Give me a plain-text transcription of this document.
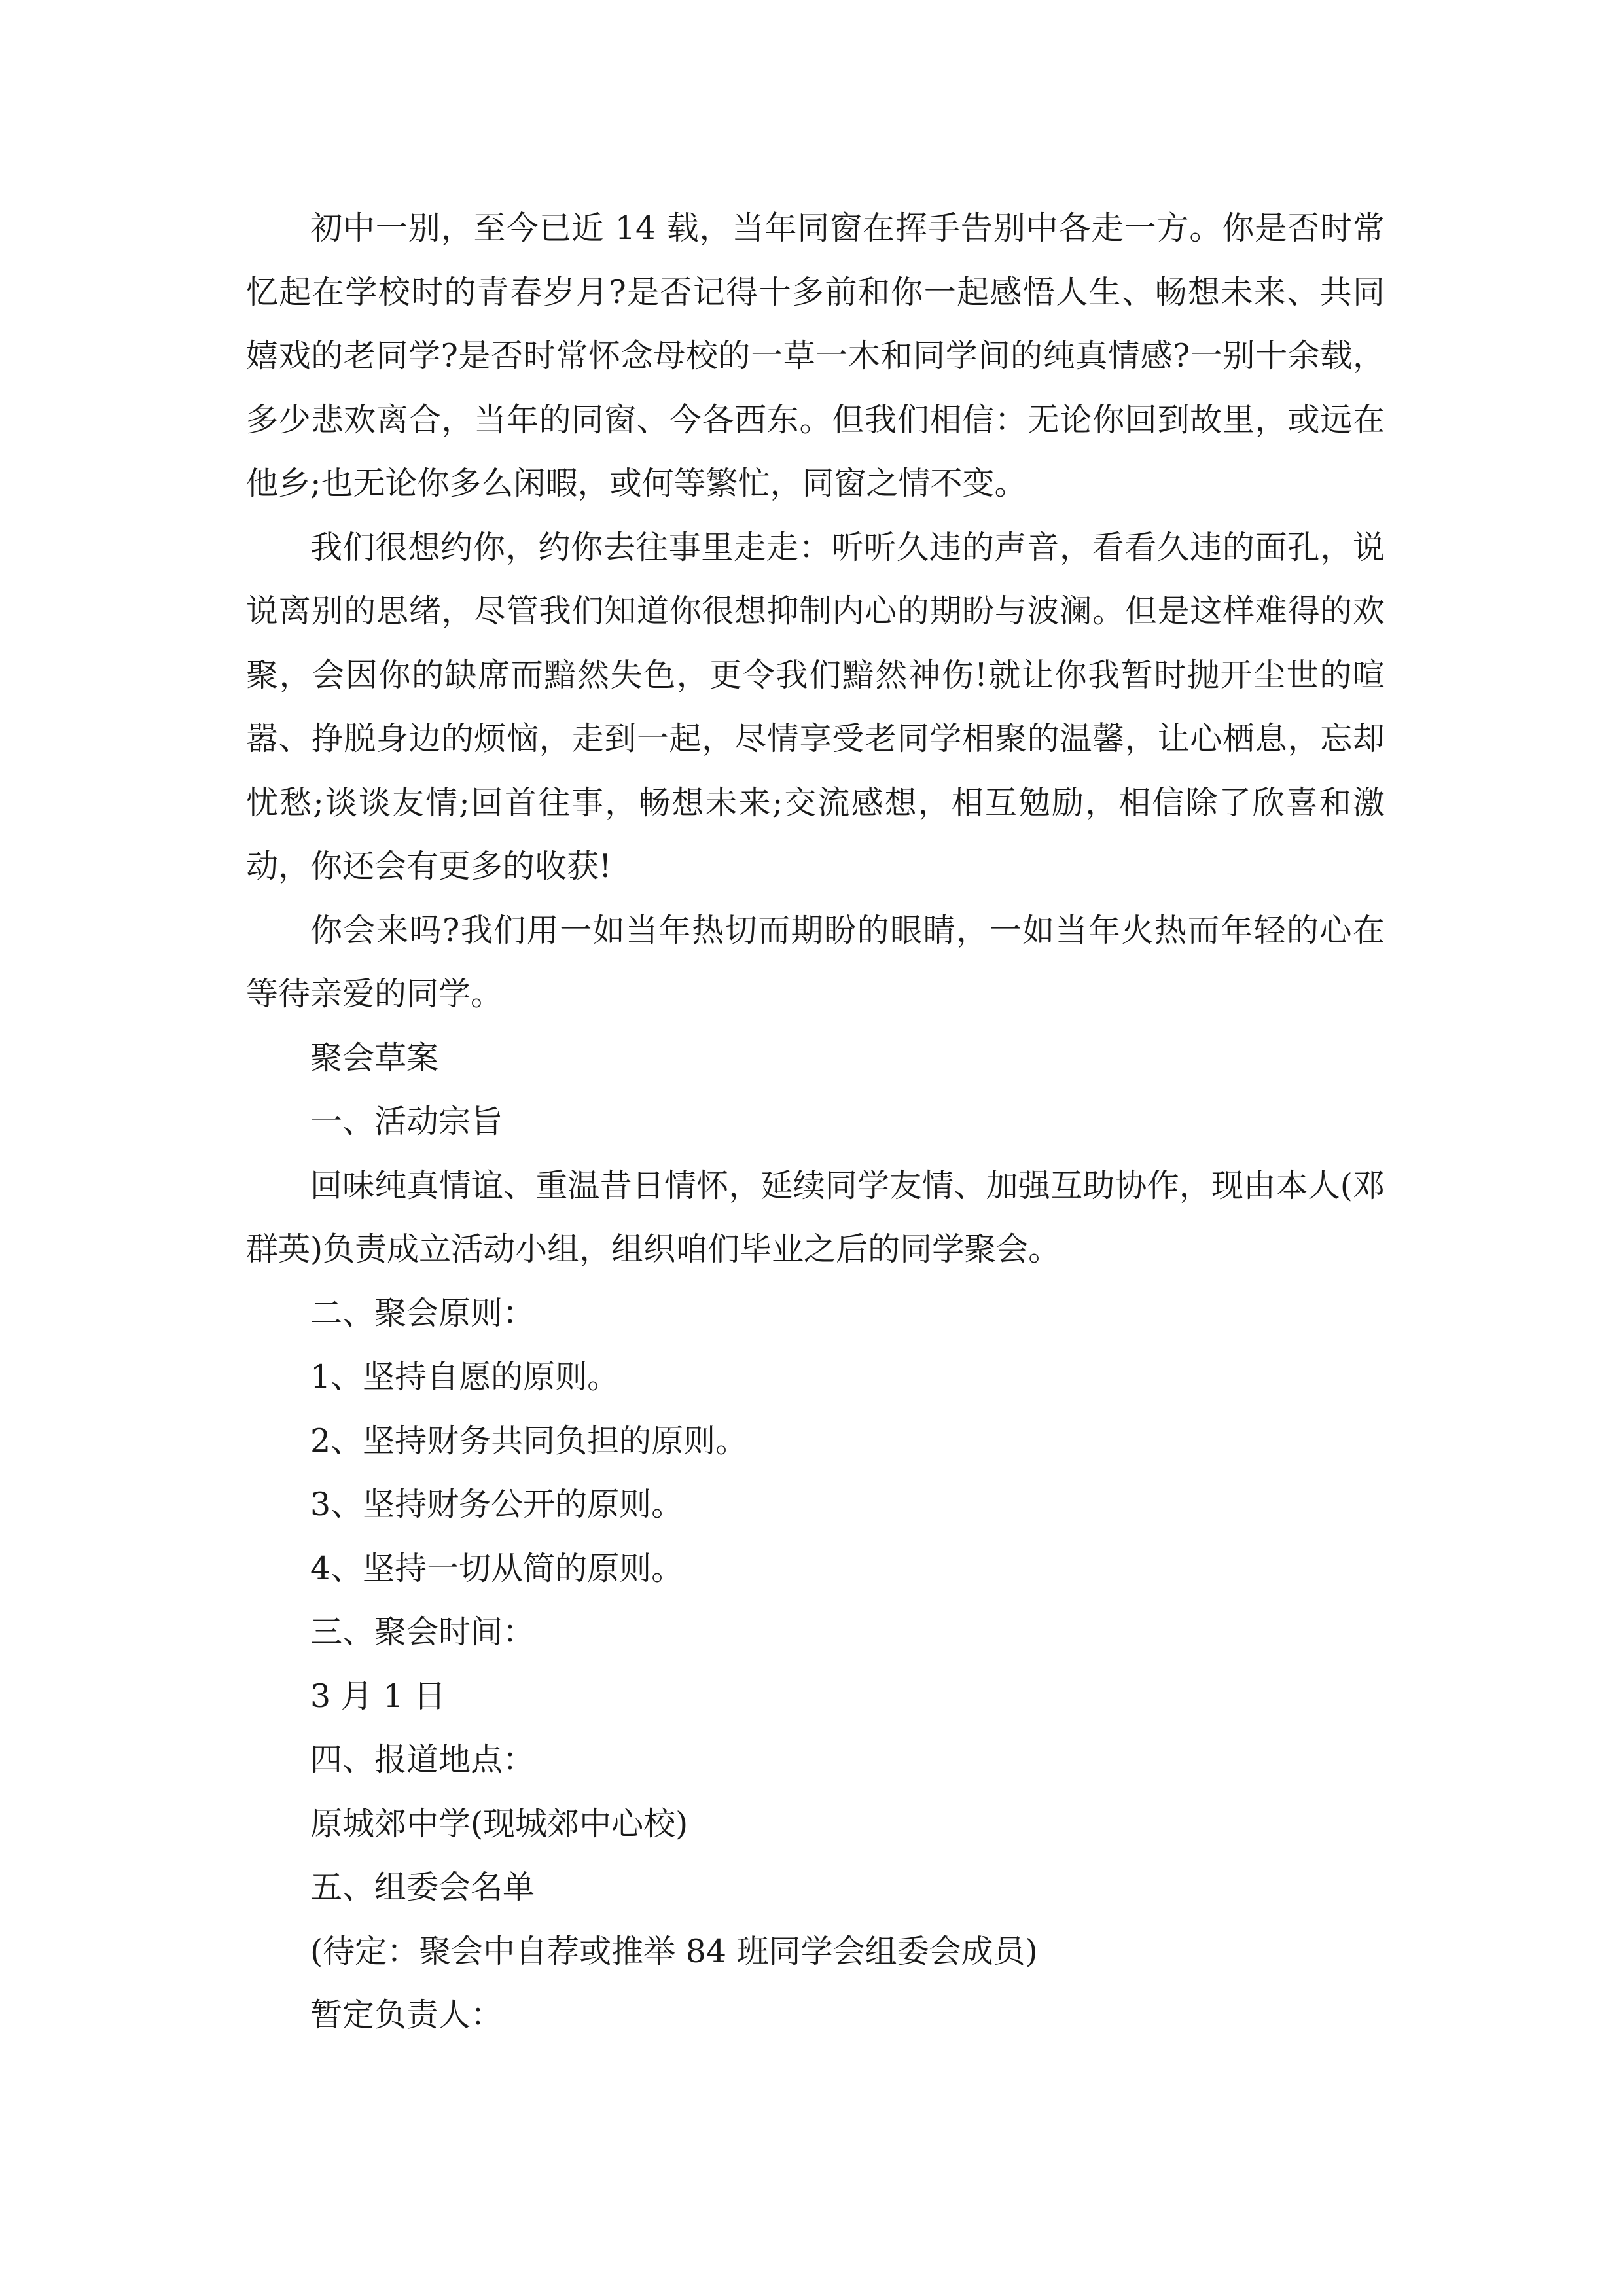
初中一别，至今已近 14 载，当年同窗在挥手告别中各走一方。你是否时常忆起在学校时的青春岁月?是否记得十多前和你一起感悟人生、畅想未来、共同嬉戏的老同学?是否时常怀念母校的一草一木和同学间的纯真情感?一别十余载，多少悲欢离合，当年的同窗、今各西东。但我们相信：无论你回到故里，或远在他乡;也无论你多么闲暇，或何等繁忙，同窗之情不变。

我们很想约你，约你去往事里走走：听听久违的声音，看看久违的面孔，说说离别的思绪，尽管我们知道你很想抑制内心的期盼与波澜。但是这样难得的欢聚，会因你的缺席而黯然失色，更令我们黯然神伤!就让你我暂时抛开尘世的喧嚣、挣脱身边的烦恼，走到一起，尽情享受老同学相聚的温馨，让心栖息，忘却忧愁;谈谈友情;回首往事，畅想未来;交流感想，相互勉励，相信除了欣喜和激动，你还会有更多的收获!

你会来吗?我们用一如当年热切而期盼的眼睛，一如当年火热而年轻的心在等待亲爱的同学。

聚会草案

一、活动宗旨

回味纯真情谊、重温昔日情怀，延续同学友情、加强互助协作，现由本人(邓群英)负责成立活动小组，组织咱们毕业之后的同学聚会。

二、聚会原则：

1、坚持自愿的原则。

2、坚持财务共同负担的原则。

3、坚持财务公开的原则。

4、坚持一切从简的原则。

三、聚会时间：

3 月 1 日

四、报道地点：

原城郊中学(现城郊中心校)

五、组委会名单

(待定：聚会中自荐或推举 84 班同学会组委会成员)

暂定负责人：
